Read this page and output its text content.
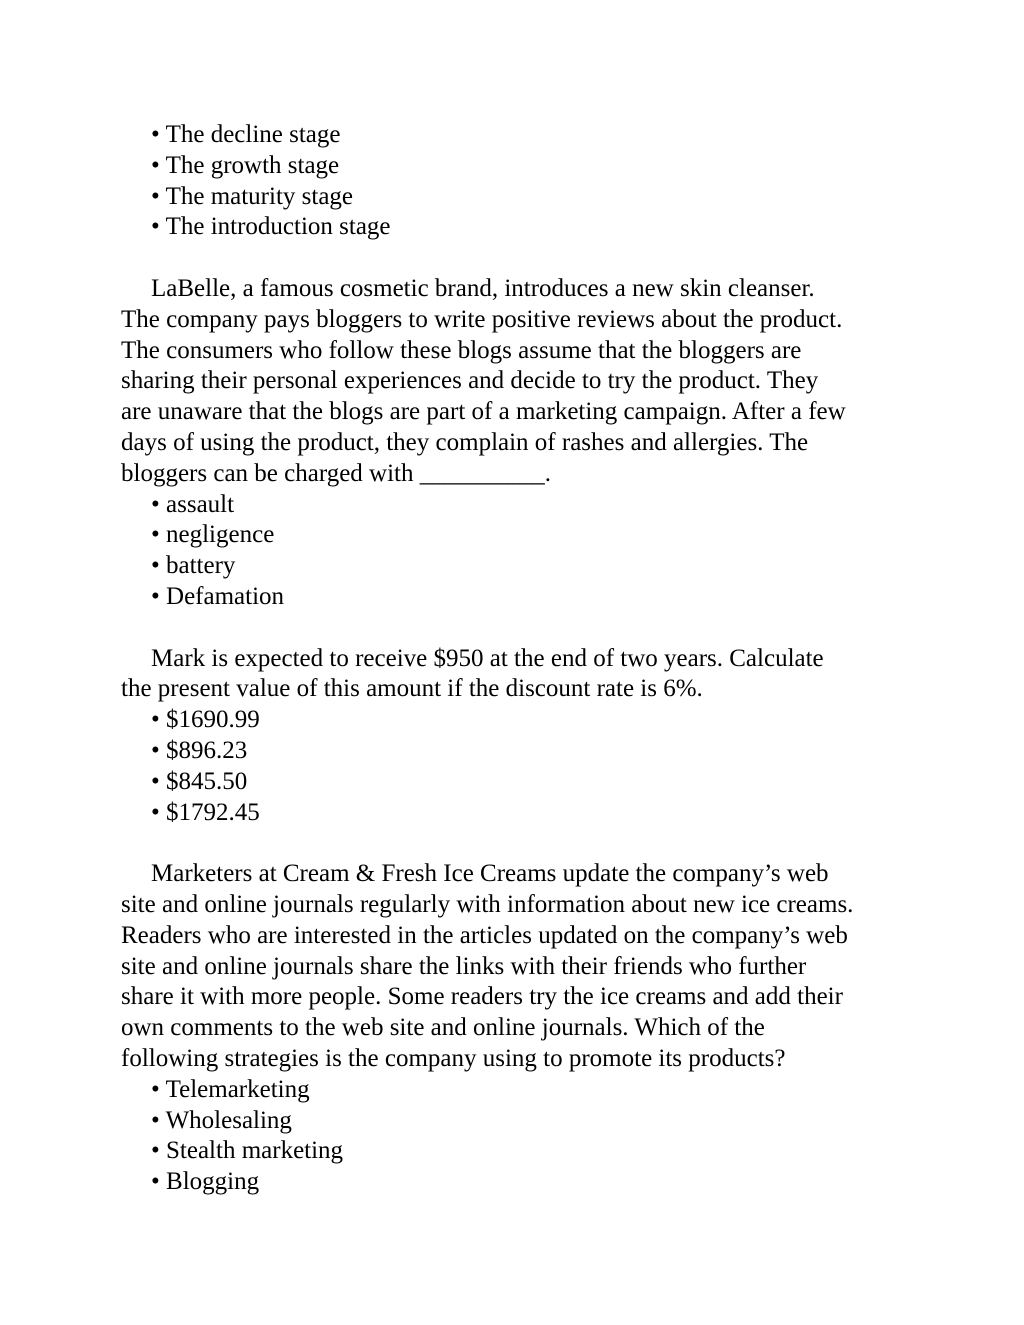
• The decline stage
• The growth stage
• The maturity stage
• The introduction stage

LaBelle, a famous cosmetic brand, introduces a new skin cleanser.
The company pays bloggers to write positive reviews about the product.
The consumers who follow these blogs assume that the bloggers are
sharing their personal experiences and decide to try the product. They
are unaware that the blogs are part of a marketing campaign. After a few
days of using the product, they complain of rashes and allergies. The
bloggers can be charged with __________.

• assault
• negligence
• battery
• Defamation

Mark is expected to receive $950 at the end of two years. Calculate
the present value of this amount if the discount rate is 6%.

• $1690.99
• $896.23
• $845.50
• $1792.45

Marketers at Cream & Fresh Ice Creams update the company’s web
site and online journals regularly with information about new ice creams.
Readers who are interested in the articles updated on the company’s web
site and online journals share the links with their friends who further
share it with more people. Some readers try the ice creams and add their
own comments to the web site and online journals. Which of the
following strategies is the company using to promote its products?

• Telemarketing
• Wholesaling
• Stealth marketing
• Blogging
